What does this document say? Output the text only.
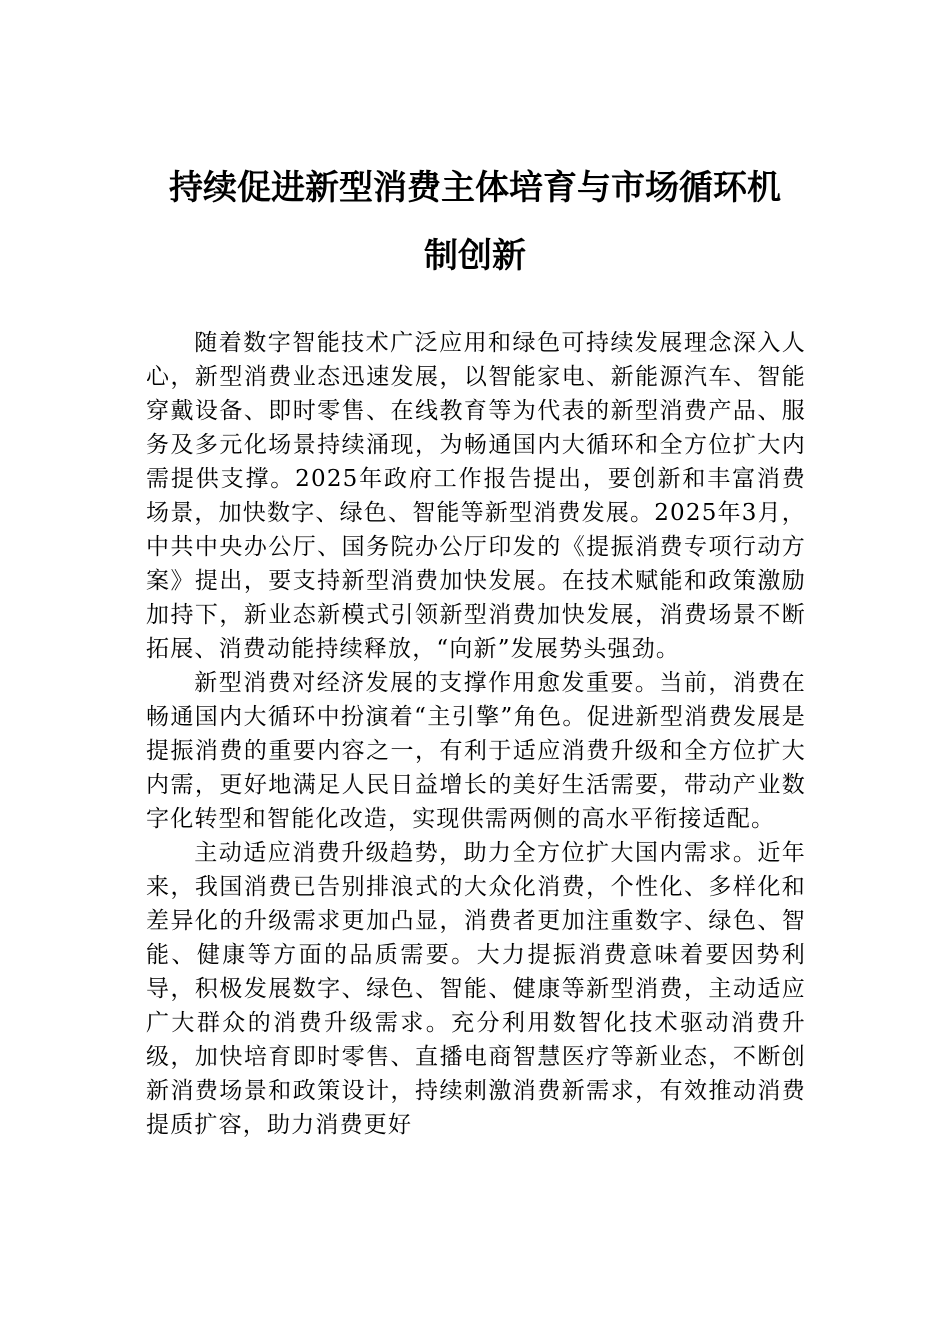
持续促进新型消费主体培育与市场循环机
制创新

随着数字智能技术广泛应用和绿色可持续发展理念深入人心，新型消费业态迅速发展，以智能家电、新能源汽车、智能穿戴设备、即时零售、在线教育等为代表的新型消费产品、服务及多元化场景持续涌现，为畅通国内大循环和全方位扩大内需提供支撑。2025年政府工作报告提出，要创新和丰富消费场景，加快数字、绿色、智能等新型消费发展。2025年3月，中共中央办公厅、国务院办公厅印发的《提振消费专项行动方案》提出，要支持新型消费加快发展。在技术赋能和政策激励加持下，新业态新模式引领新型消费加快发展，消费场景不断拓展、消费动能持续释放，“向新”发展势头强劲。

新型消费对经济发展的支撑作用愈发重要。当前，消费在畅通国内大循环中扮演着“主引擎”角色。促进新型消费发展是提振消费的重要内容之一，有利于适应消费升级和全方位扩大内需，更好地满足人民日益增长的美好生活需要，带动产业数字化转型和智能化改造，实现供需两侧的高水平衔接适配。

主动适应消费升级趋势，助力全方位扩大国内需求。近年来，我国消费已告别排浪式的大众化消费，个性化、多样化和差异化的升级需求更加凸显，消费者更加注重数字、绿色、智能、健康等方面的品质需要。大力提振消费意味着要因势利导，积极发展数字、绿色、智能、健康等新型消费，主动适应广大群众的消费升级需求。充分利用数智化技术驱动消费升级，加快培育即时零售、直播电商智慧医疗等新业态，不断创新消费场景和政策设计，持续刺激消费新需求，有效推动消费提质扩容，助力消费更好
